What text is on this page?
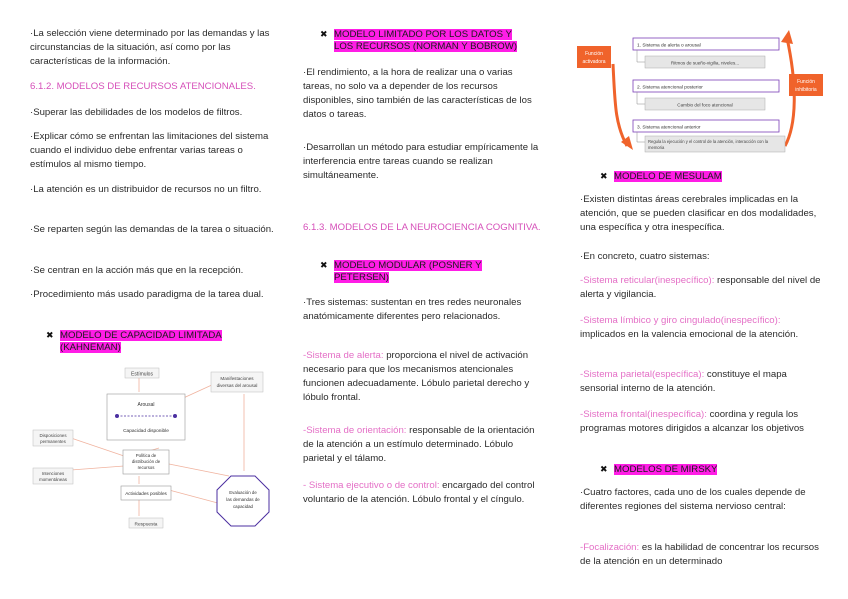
·La selección viene determinado por las demandas y las circunstancias de la situación, así como por las características de la información.

6.1.2. MODELOS DE RECURSOS ATENCIONALES.

·Superar las debilidades de los modelos de filtros.

·Explicar cómo se enfrentan las limitaciones del sistema cuando el individuo debe enfrentar varias tareas o estímulos al mismo tiempo.

·La atención es un distribuidor de recursos no un filtro.

·Se reparten según las demandas de la tarea o situación.

·Se centran en la acción más que en la recepción.

·Procedimiento más usado paradigma de la tarea dual.

✖ MODELO DE CAPACIDAD LIMITADA
(KAHNEMAN)
Estímulos
Manifestaciones
diversas del arousal
Arousal
Capacidad disponible
Disposiciones
permanentes
Política de
distribución de
recursos
Intenciones
momentáneas
Actividades posibles
Respuesta
Evaluación de
las demandas de
capacidad
✖ MODELO LIMITADO POR LOS DATOS Y
LOS RECURSOS (NORMAN Y BOBROW)

·El rendimiento, a la hora de realizar una o varias tareas, no solo va a depender de los recursos disponibles, sino también de las características de los datos o tareas.

·Desarrollan un método para estudiar empíricamente la interferencia entre tareas cuando se realizan simultáneamente.

6.1.3. MODELOS DE LA NEUROCIENCIA COGNITIVA.

✖ MODELO MODULAR (POSNER Y
PETERSEN)

·Tres sistemas: sustentan en tres redes neuronales anatómicamente diferentes pero relacionados.

-Sistema de alerta: proporciona el nivel de activación necesario para que los mecanismos atencionales funcionen adecuadamente. Lóbulo parietal derecho y lóbulo frontal.

-Sistema de orientación: responsable de la orientación de la atención a un estímulo determinado. Lóbulo parietal y el tálamo.

- Sistema ejecutivo o de control: encargado del control voluntario de la atención. Lóbulo frontal y el cíngulo.

Función
activadora
Función
inhibitoria
1. Sistema de alerta o arousal
Ritmos de sueño-vigilia, niveles...
2. Sistema atencional posterior
Cambio del foco atencional
3. Sistema atencional anterior
Regula la ejecución y el control de la atención, interacción con la
memoria
✖ MODELO DE MESULAM

·Existen distintas áreas cerebrales implicadas en la atención, que se pueden clasificar en dos modalidades, una específica y otra inespecífica.

·En concreto, cuatro sistemas:

-Sistema reticular(inespecífico): responsable del nivel de alerta y vigilancia.

-Sistema límbico y giro cingulado(inespecífico): implicados en la valencia emocional de la atención.

-Sistema parietal(específica): constituye el mapa sensorial interno de la atención.

-Sistema frontal(inespecífica): coordina y regula los programas motores dirigidos a alcanzar los objetivos

✖ MODELOS DE MIRSKY

·Cuatro factores, cada uno de los cuales depende de diferentes regiones del sistema nervioso central:

-Focalización: es la habilidad de concentrar los recursos de la atención en un determinado
